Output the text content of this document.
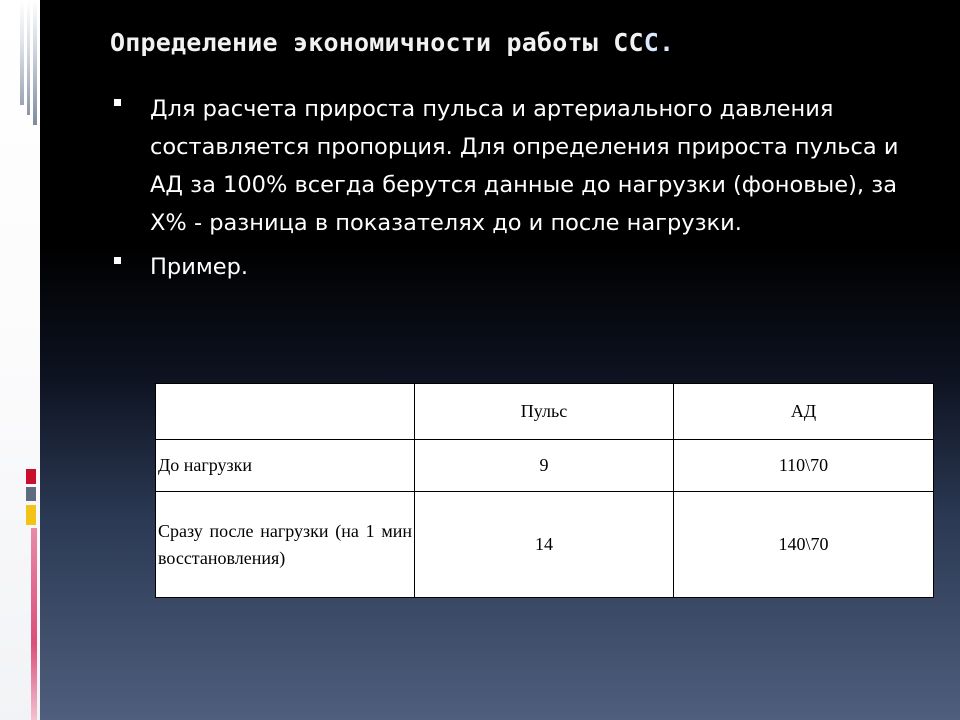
Определение экономичности работы ССС.
Для расчета прироста пульса и артериального давления составляется пропорция. Для определения прироста пульса и АД за 100% всегда берутся данные до нагрузки (фоновые), за Х% - разница в показателях до и после нагрузки.
Пример.
	Пульс	АД
До нагрузки	9	110\70
Сразу после нагрузки (на 1 мин восстановления)	14	140\70
